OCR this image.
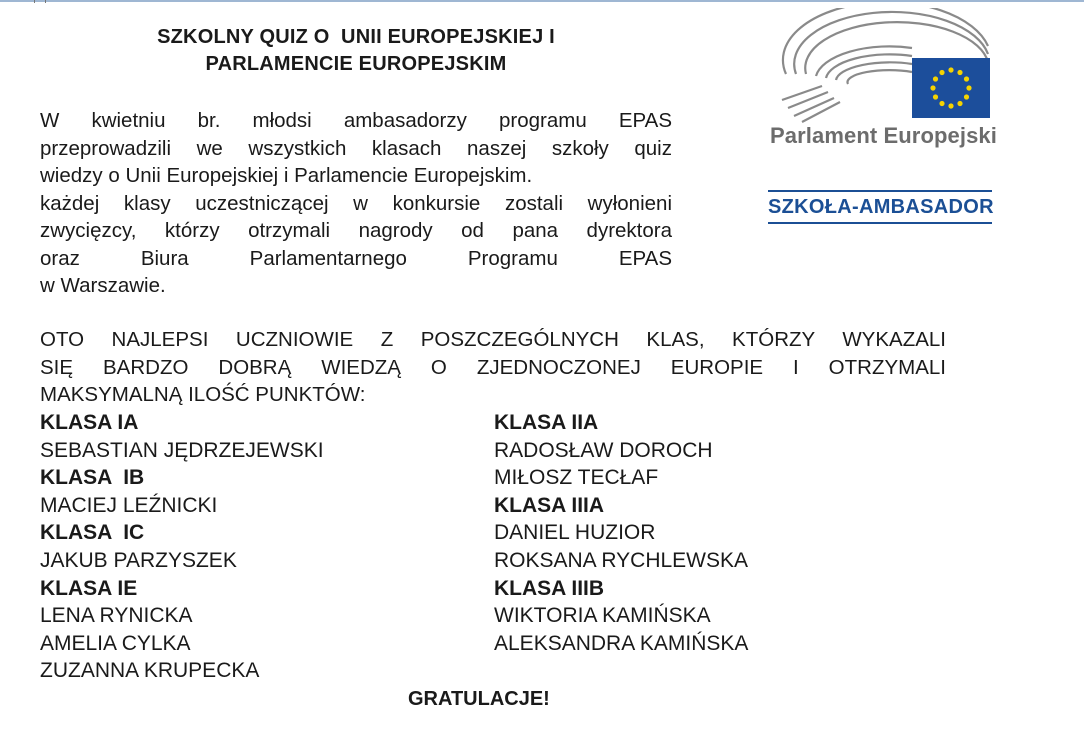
SZKOLNY QUIZ O  UNII EUROPEJSKIEJ I
PARLAMENCIE EUROPEJSKIM
W kwietniu br. młodsi ambasadorzy programu EPAS
przeprowadzili we wszystkich klasach naszej szkoły quiz
wiedzy o Unii Europejskiej i Parlamencie Europejskim.
każdej klasy uczestniczącej w konkursie zostali wyłonieni
zwycięzcy, którzy otrzymali nagrody od pana dyrektora
oraz Biura Parlamentarnego Programu EPAS
w Warszawie.
OTO NAJLEPSI UCZNIOWIE Z POSZCZEGÓLNYCH KLAS, KTÓRZY WYKAZALI
SIĘ BARDZO DOBRĄ WIEDZĄ O ZJEDNOCZONEJ EUROPIE I OTRZYMALI
MAKSYMALNĄ ILOŚĆ PUNKTÓW:
KLASA IA
SEBASTIAN JĘDRZEJEWSKI
KLASA  IB
MACIEJ LEŹNICKI
KLASA  IC
JAKUB PARZYSZEK
KLASA IE
LENA RYNICKA
AMELIA CYLKA
ZUZANNA KRUPECKA
KLASA IIA
RADOSŁAW DOROCH
MIŁOSZ TECŁAF
KLASA IIIA
DANIEL HUZIOR
ROKSANA RYCHLEWSKA
KLASA IIIB
WIKTORIA KAMIŃSKA
ALEKSANDRA KAMIŃSKA
GRATULACJE!
Parlament Europejski
SZKOŁA-AMBASADOR
